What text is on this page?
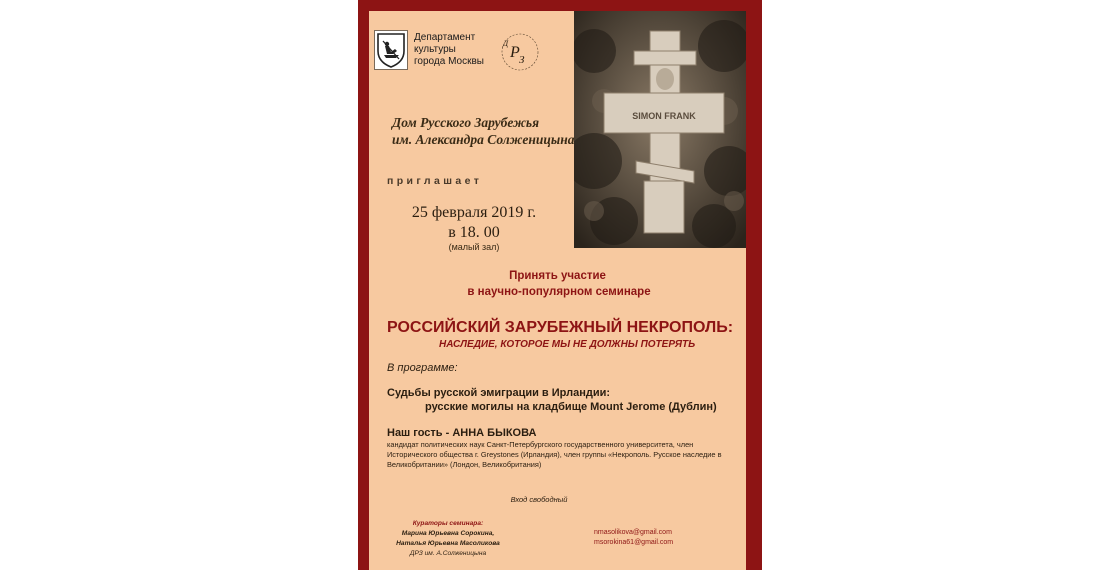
Департамент
культуры
города Москвы
Р З
Д
SIMON FRANK
Дом Русского Зарубежья
им. Александра Солженицына
приглашает
25 февраля 2019 г.
в 18. 00
(малый зал)
Принять участие
в научно-популярном семинаре
РОССИЙСКИЙ ЗАРУБЕЖНЫЙ НЕКРОПОЛЬ:
НАСЛЕДИЕ, КОТОРОЕ МЫ НЕ ДОЛЖНЫ ПОТЕРЯТЬ
В программе:
Судьбы русской эмиграции в Ирландии:
русские могилы на кладбище Mount Jerome (Дублин)
Наш гость - АННА БЫКОВА
кандидат политических наук Санкт-Петербургского государственного университета, член Исторического общества г. Greystones (Ирландия), член группы «Некрополь. Русское наследие в Великобритании» (Лондон, Великобритания)
Вход свободный
Кураторы семинара:
Марина Юрьевна Сорокина,
Наталья Юрьевна Масоликова
ДРЗ им. А.Солженицына
nmasolikova@gmail.com
msorokina61@gmail.com
